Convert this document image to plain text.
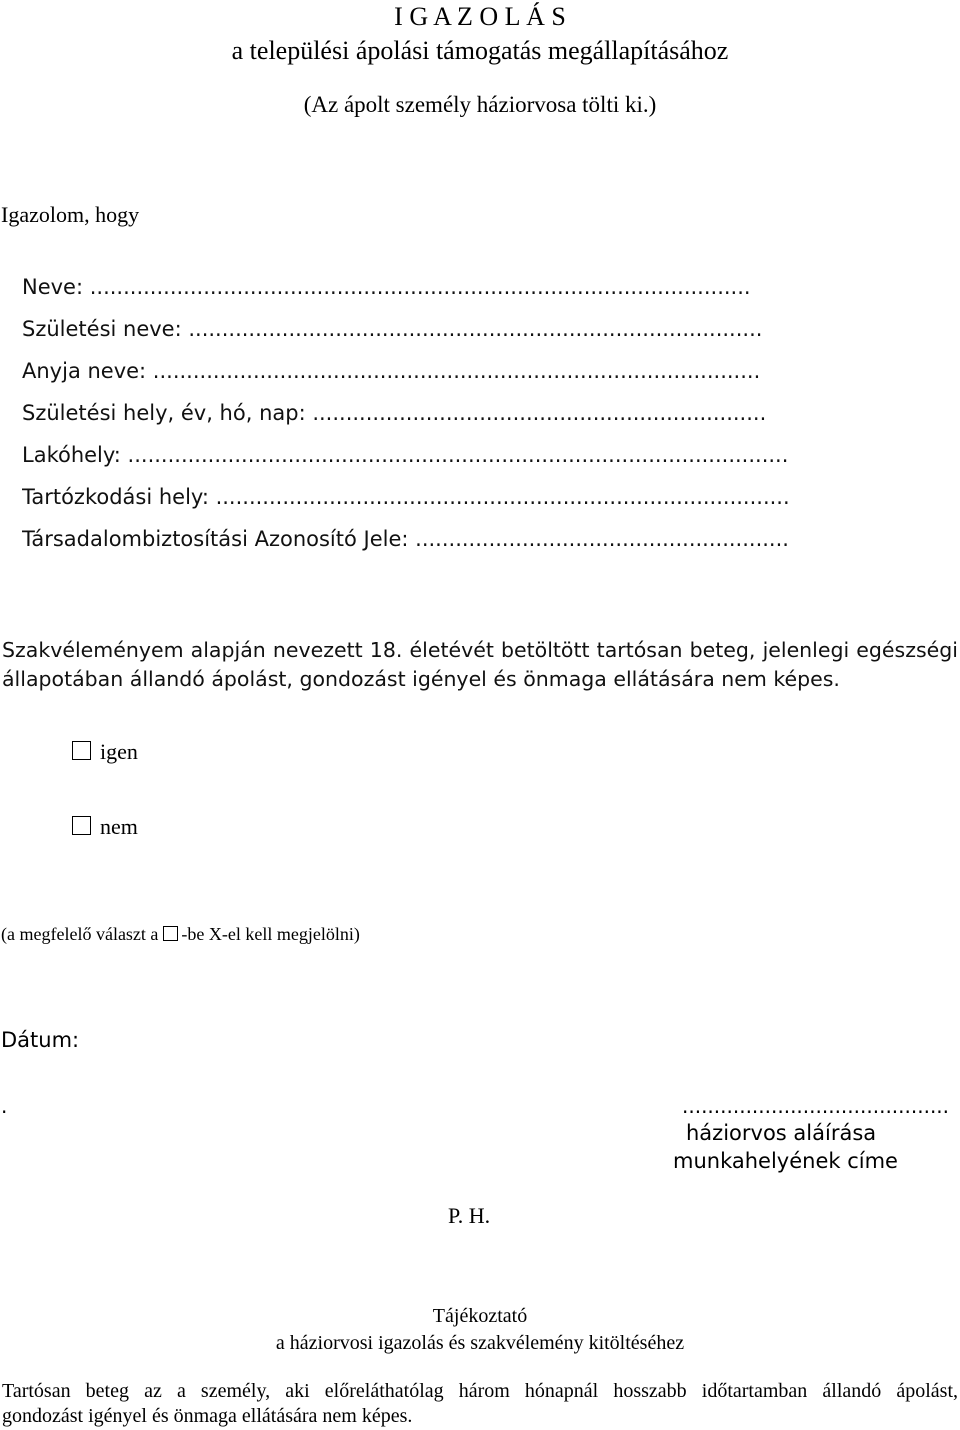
I G A Z O L Á S
a települési ápolási támogatás megállapításához
(Az ápolt személy háziorvosa tölti ki.)
Igazolom, hogy
Neve: ...................................................................................................
Születési neve: ......................................................................................
Anyja neve: ...........................................................................................
Születési hely, év, hó, nap: ....................................................................
Lakóhely: ...................................................................................................
Tartózkodási hely: ......................................................................................
Társadalombiztosítási Azonosító Jele: ........................................................
Szakvéleményem alapján nevezett 18. életévét betöltött tartósan beteg, jelenlegi egészségi
állapotában állandó ápolást, gondozást igényel és önmaga ellátására nem képes.
igen
nem
(a megfelelő választ a -be X-el kell megjelölni)
Dátum:
.	..........................................
háziorvos aláírása
munkahelyének címe
P. H.
Tájékoztató
a háziorvosi igazolás és szakvélemény kitöltéséhez
Tartósan beteg az a személy, aki előreláthatólag három hónapnál hosszabb időtartamban állandó ápolást,
gondozást igényel és önmaga ellátására nem képes.
